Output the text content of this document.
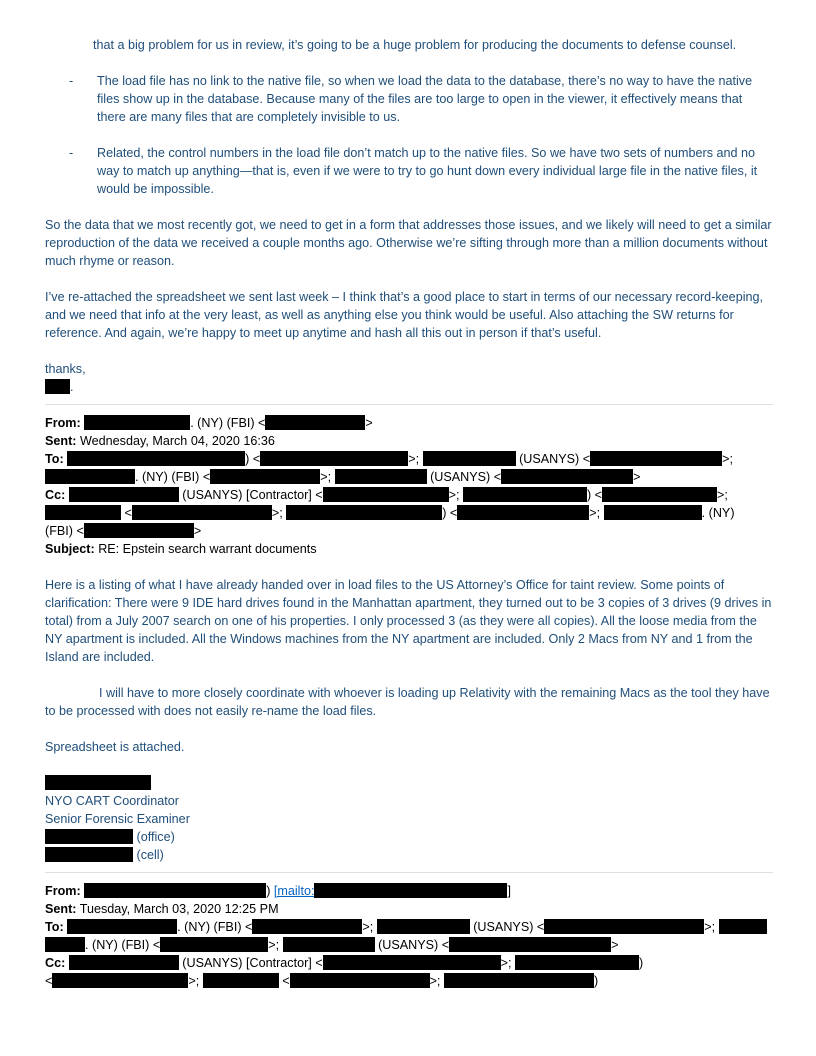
that a big problem for us in review, it’s going to be a huge problem for producing the documents to defense counsel.

-	The load file has no link to the native file, so when we load the data to the database, there’s no way to have the native files show up in the database. Because many of the files are too large to open in the viewer, it effectively means that there are many files that are completely invisible to us.

-	Related, the control numbers in the load file don’t match up to the native files. So we have two sets of numbers and no way to match up anything—that is, even if we were to try to go hunt down every individual large file in the native files, it would be impossible.

So the data that we most recently got, we need to get in a form that addresses those issues, and we likely will need to get a similar reproduction of the data we received a couple months ago. Otherwise we’re sifting through more than a million documents without much rhyme or reason.

I’ve re-attached the spreadsheet we sent last week – I think that’s a good place to start in terms of our necessary record-keeping, and we need that info at the very least, as well as anything else you think would be useful. Also attaching the SW returns for reference. And again, we’re happy to meet up anytime and hash all this out in person if that’s useful.

thanks,

.

From:	. (NY) (FBI) <	>

Sent: Wednesday, March 04, 2020 16:36

To:	) <	>;	(USANYS) <	>;
. (NY) (FBI) <	>;	(USANYS) <	>

Cc:	(USANYS) [Contractor] <	>;	) <	>;
<	>;	) <	>;	. (NY)
(FBI) <	>

Subject: RE: Epstein search warrant documents

Here is a listing of what I have already handed over in load files to the US Attorney’s Office for taint review. Some points of clarification: There were 9 IDE hard drives found in the Manhattan apartment, they turned out to be 3 copies of 3 drives (9 drives in total) from a July 2007 search on one of his properties. I only processed 3 (as they were all copies). All the loose media from the NY apartment is included. All the Windows machines from the NY apartment are included. Only 2 Macs from NY and 1 from the Island are included.

I will have to more closely coordinate with whoever is loading up Relativity with the remaining Macs as the tool they have to be processed with does not easily re-name the load files.

Spreadsheet is attached.

NYO CART Coordinator

Senior Forensic Examiner

(office)

(cell)

From:	) [mailto:	]

Sent: Tuesday, March 03, 2020 12:25 PM

To:	. (NY) (FBI) <	>;	(USANYS) <	>;
. (NY) (FBI) <	>;	(USANYS) <	>

Cc:	(USANYS) [Contractor] <	>;	)
<	>;	<	>;	)
